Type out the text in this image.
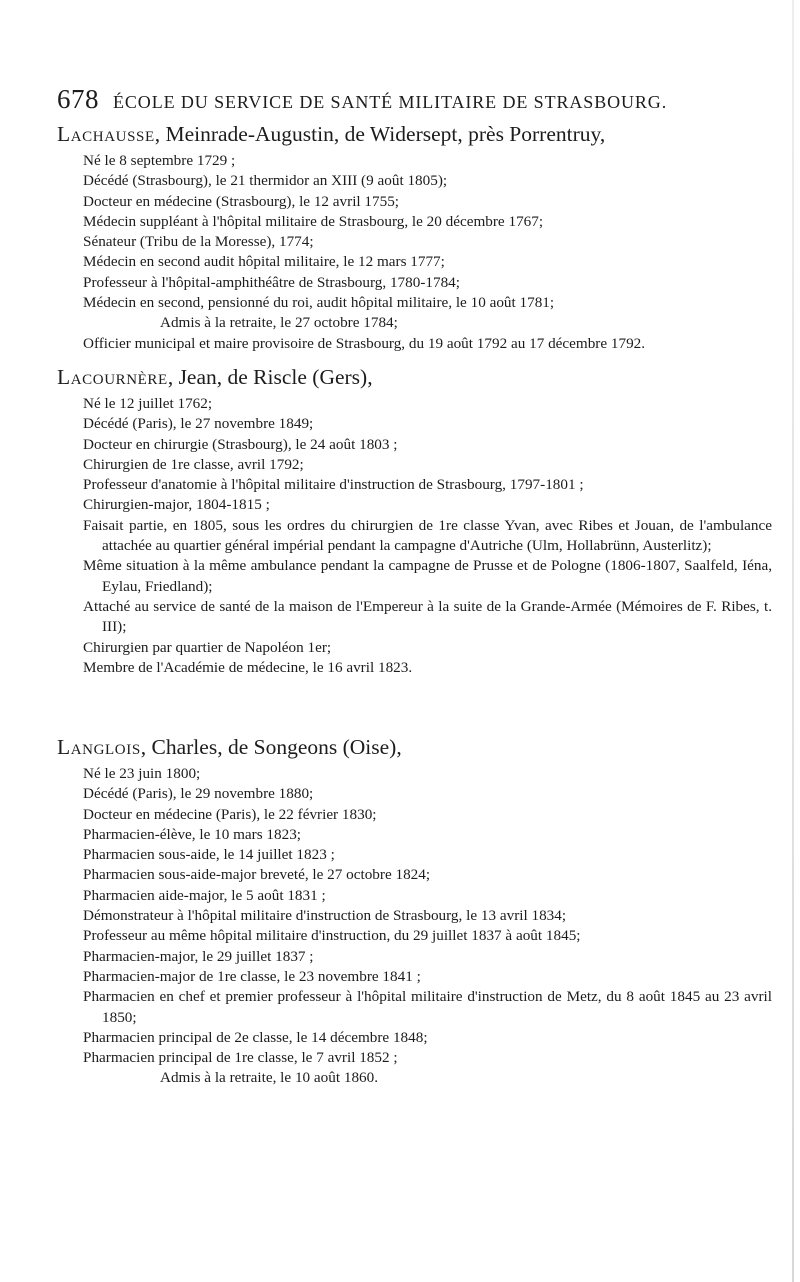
678 ÉCOLE DU SERVICE DE SANTÉ MILITAIRE DE STRASBOURG.
Lachausse, Meinrade-Augustin, de Widersept, près Porrentruy,
Né le 8 septembre 1729 ;
Décédé (Strasbourg), le 21 thermidor an XIII (9 août 1805);
Docteur en médecine (Strasbourg), le 12 avril 1755;
Médecin suppléant à l'hôpital militaire de Strasbourg, le 20 décembre 1767;
Sénateur (Tribu de la Moresse), 1774;
Médecin en second audit hôpital militaire, le 12 mars 1777;
Professeur à l'hôpital-amphithéâtre de Strasbourg, 1780-1784;
Médecin en second, pensionné du roi, audit hôpital militaire, le 10 août 1781;
Admis à la retraite, le 27 octobre 1784;
Officier municipal et maire provisoire de Strasbourg, du 19 août 1792 au 17 décembre 1792.
Lacournère, Jean, de Riscle (Gers),
Né le 12 juillet 1762;
Décédé (Paris), le 27 novembre 1849;
Docteur en chirurgie (Strasbourg), le 24 août 1803 ;
Chirurgien de 1re classe, avril 1792;
Professeur d'anatomie à l'hôpital militaire d'instruction de Strasbourg, 1797-1801 ;
Chirurgien-major, 1804-1815 ;
Faisait partie, en 1805, sous les ordres du chirurgien de 1re classe Yvan, avec Ribes et Jouan, de l'ambulance attachée au quartier général impérial pendant la campagne d'Autriche (Ulm, Hollabrünn, Austerlitz);
Même situation à la même ambulance pendant la campagne de Prusse et de Pologne (1806-1807, Saalfeld, Iéna, Eylau, Friedland);
Attaché au service de santé de la maison de l'Empereur à la suite de la Grande-Armée (Mémoires de F. Ribes, t. III);
Chirurgien par quartier de Napoléon 1er;
Membre de l'Académie de médecine, le 16 avril 1823.
Langlois, Charles, de Songeons (Oise),
Né le 23 juin 1800;
Décédé (Paris), le 29 novembre 1880;
Docteur en médecine (Paris), le 22 février 1830;
Pharmacien-élève, le 10 mars 1823;
Pharmacien sous-aide, le 14 juillet 1823 ;
Pharmacien sous-aide-major breveté, le 27 octobre 1824;
Pharmacien aide-major, le 5 août 1831 ;
Démonstrateur à l'hôpital militaire d'instruction de Strasbourg, le 13 avril 1834;
Professeur au même hôpital militaire d'instruction, du 29 juillet 1837 à août 1845;
Pharmacien-major, le 29 juillet 1837 ;
Pharmacien-major de 1re classe, le 23 novembre 1841 ;
Pharmacien en chef et premier professeur à l'hôpital militaire d'instruction de Metz, du 8 août 1845 au 23 avril 1850;
Pharmacien principal de 2e classe, le 14 décembre 1848;
Pharmacien principal de 1re classe, le 7 avril 1852 ;
Admis à la retraite, le 10 août 1860.
